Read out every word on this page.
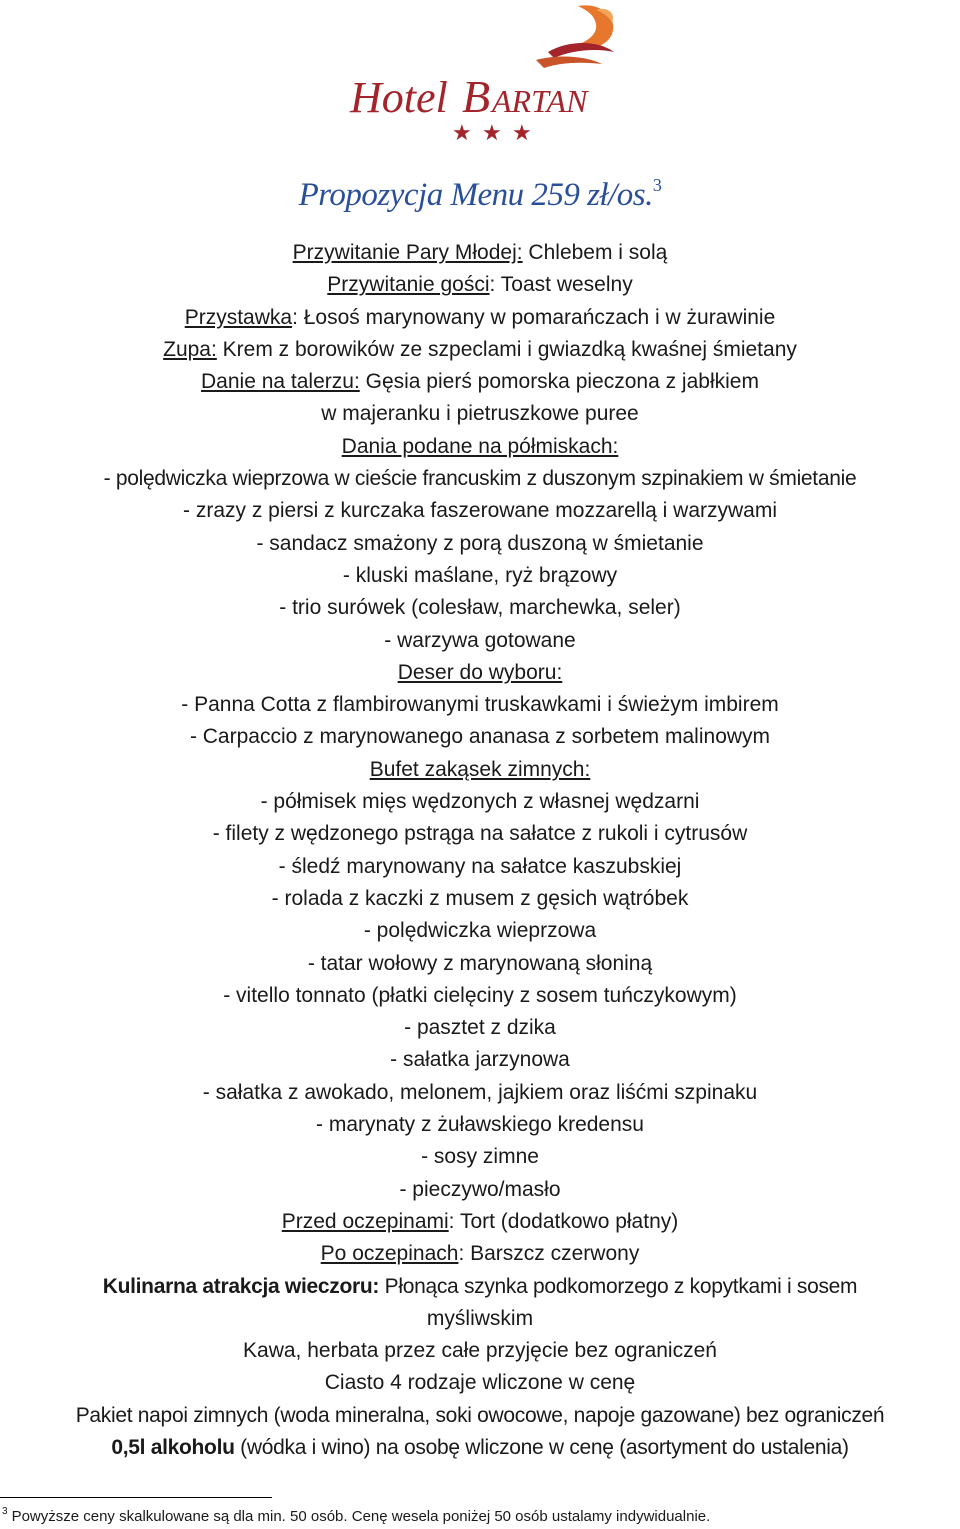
Hotel B ARTAN
★ ★ ★
Propozycja Menu 259 zł/os.$^3$
Przywitanie Pary Młodej: Chlebem i solą
Przywitanie gości: Toast weselny
Przystawka: Łosoś marynowany w pomarańczach i w żurawinie
Zupa: Krem z borowików ze szpeclami i gwiazdką kwaśnej śmietany
Danie na talerzu: Gęsia pierś pomorska pieczona z jabłkiem
w majeranku i pietruszkowe puree
Dania podane na półmiskach:
- polędwiczka wieprzowa w cieście francuskim z duszonym szpinakiem w śmietanie
- zrazy z piersi z kurczaka faszerowane mozzarellą i warzywami
- sandacz smażony z porą duszoną w śmietanie
- kluski maślane, ryż brązowy
- trio surówek (colesław, marchewka, seler)
- warzywa gotowane
Deser do wyboru:
- Panna Cotta z flambirowanymi truskawkami i świeżym imbirem
- Carpaccio z marynowanego ananasa z sorbetem malinowym
Bufet zakąsek zimnych:
- półmisek mięs wędzonych z własnej wędzarni
- filety z wędzonego pstrąga na sałatce z rukoli i cytrusów
- śledź marynowany na sałatce kaszubskiej
- rolada z kaczki z musem z gęsich wątróbek
- polędwiczka wieprzowa
- tatar wołowy z marynowaną słoniną
- vitello tonnato (płatki cielęciny z sosem tuńczykowym)
- pasztet z dzika
- sałatka jarzynowa
- sałatka z awokado, melonem, jajkiem oraz liśćmi szpinaku
- marynaty z żuławskiego kredensu
- sosy zimne
- pieczywo/masło
Przed oczepinami: Tort (dodatkowo płatny)
Po oczepinach: Barszcz czerwony
Kulinarna atrakcja wieczoru: Płonąca szynka podkomorzego z kopytkami i sosem
myśliwskim
Kawa, herbata przez całe przyjęcie bez ograniczeń
Ciasto 4 rodzaje wliczone w cenę
Pakiet napoi zimnych (woda mineralna, soki owocowe, napoje gazowane) bez ograniczeń
0,5l alkoholu (wódka i wino) na osobę wliczone w cenę (asortyment do ustalenia)
$^3$ Powyższe ceny skalkulowane są dla min. 50 osób. Cenę wesela poniżej 50 osób ustalamy indywidualnie.
